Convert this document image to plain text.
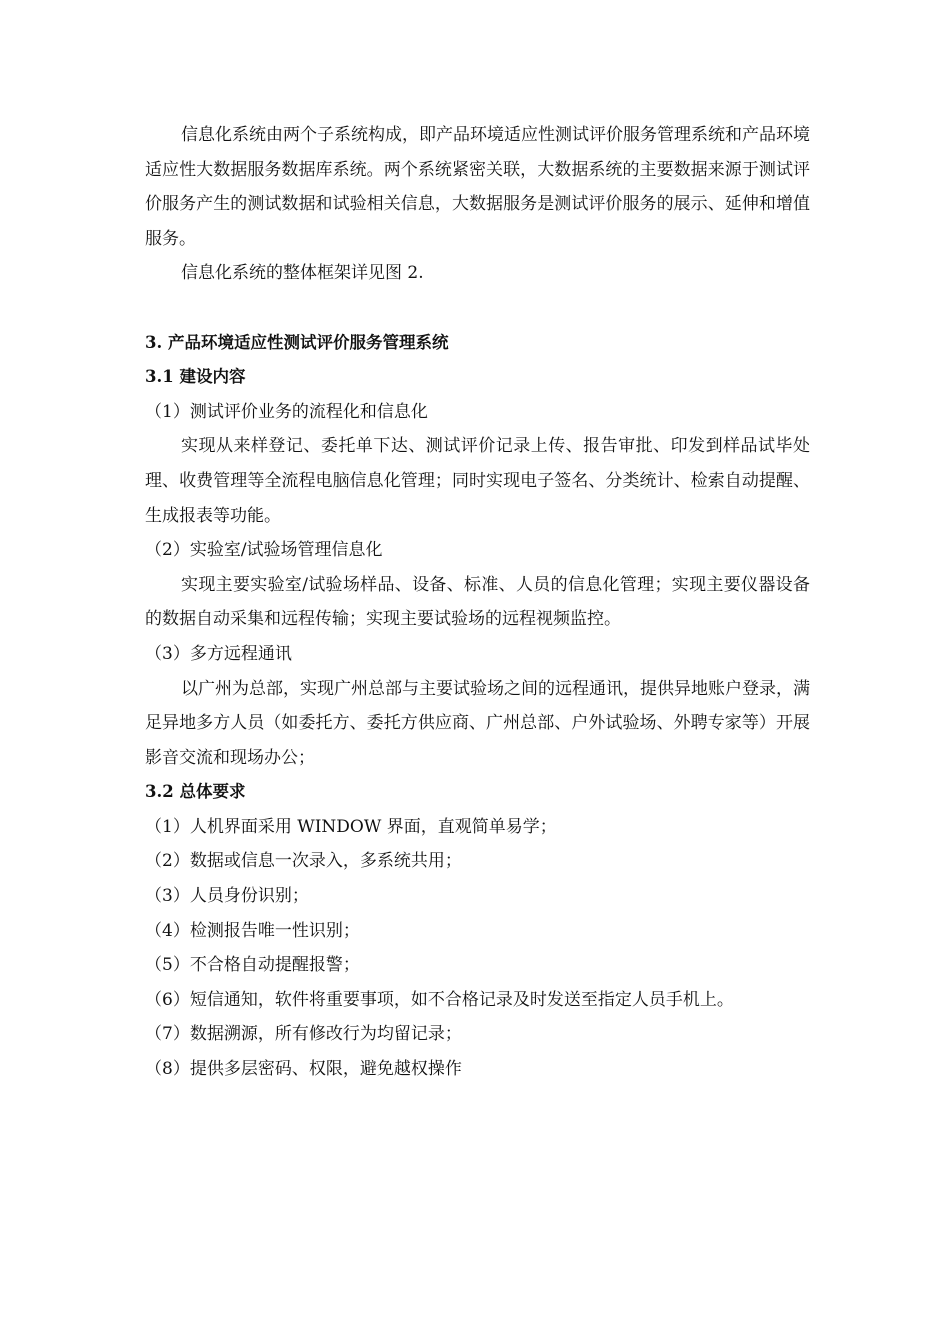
信息化系统由两个子系统构成，即产品环境适应性测试评价服务管理系统和产品环境适应性大数据服务数据库系统。两个系统紧密关联，大数据系统的主要数据来源于测试评价服务产生的测试数据和试验相关信息，大数据服务是测试评价服务的展示、延伸和增值服务。

信息化系统的整体框架详见图 2.

3. 产品环境适应性测试评价服务管理系统

3.1 建设内容

（1）测试评价业务的流程化和信息化

实现从来样登记、委托单下达、测试评价记录上传、报告审批、印发到样品试毕处理、收费管理等全流程电脑信息化管理；同时实现电子签名、分类统计、检索自动提醒、生成报表等功能。

（2）实验室/试验场管理信息化

实现主要实验室/试验场样品、设备、标准、人员的信息化管理；实现主要仪器设备的数据自动采集和远程传输；实现主要试验场的远程视频监控。

（3）多方远程通讯

以广州为总部，实现广州总部与主要试验场之间的远程通讯，提供异地账户登录，满足异地多方人员（如委托方、委托方供应商、广州总部、户外试验场、外聘专家等）开展影音交流和现场办公；

3.2 总体要求

（1）人机界面采用 WINDOW 界面，直观简单易学；

（2）数据或信息一次录入，多系统共用；

（3）人员身份识别；

（4）检测报告唯一性识别；

（5）不合格自动提醒报警；

（6）短信通知，软件将重要事项，如不合格记录及时发送至指定人员手机上。

（7）数据溯源，所有修改行为均留记录；

（8）提供多层密码、权限，避免越权操作
